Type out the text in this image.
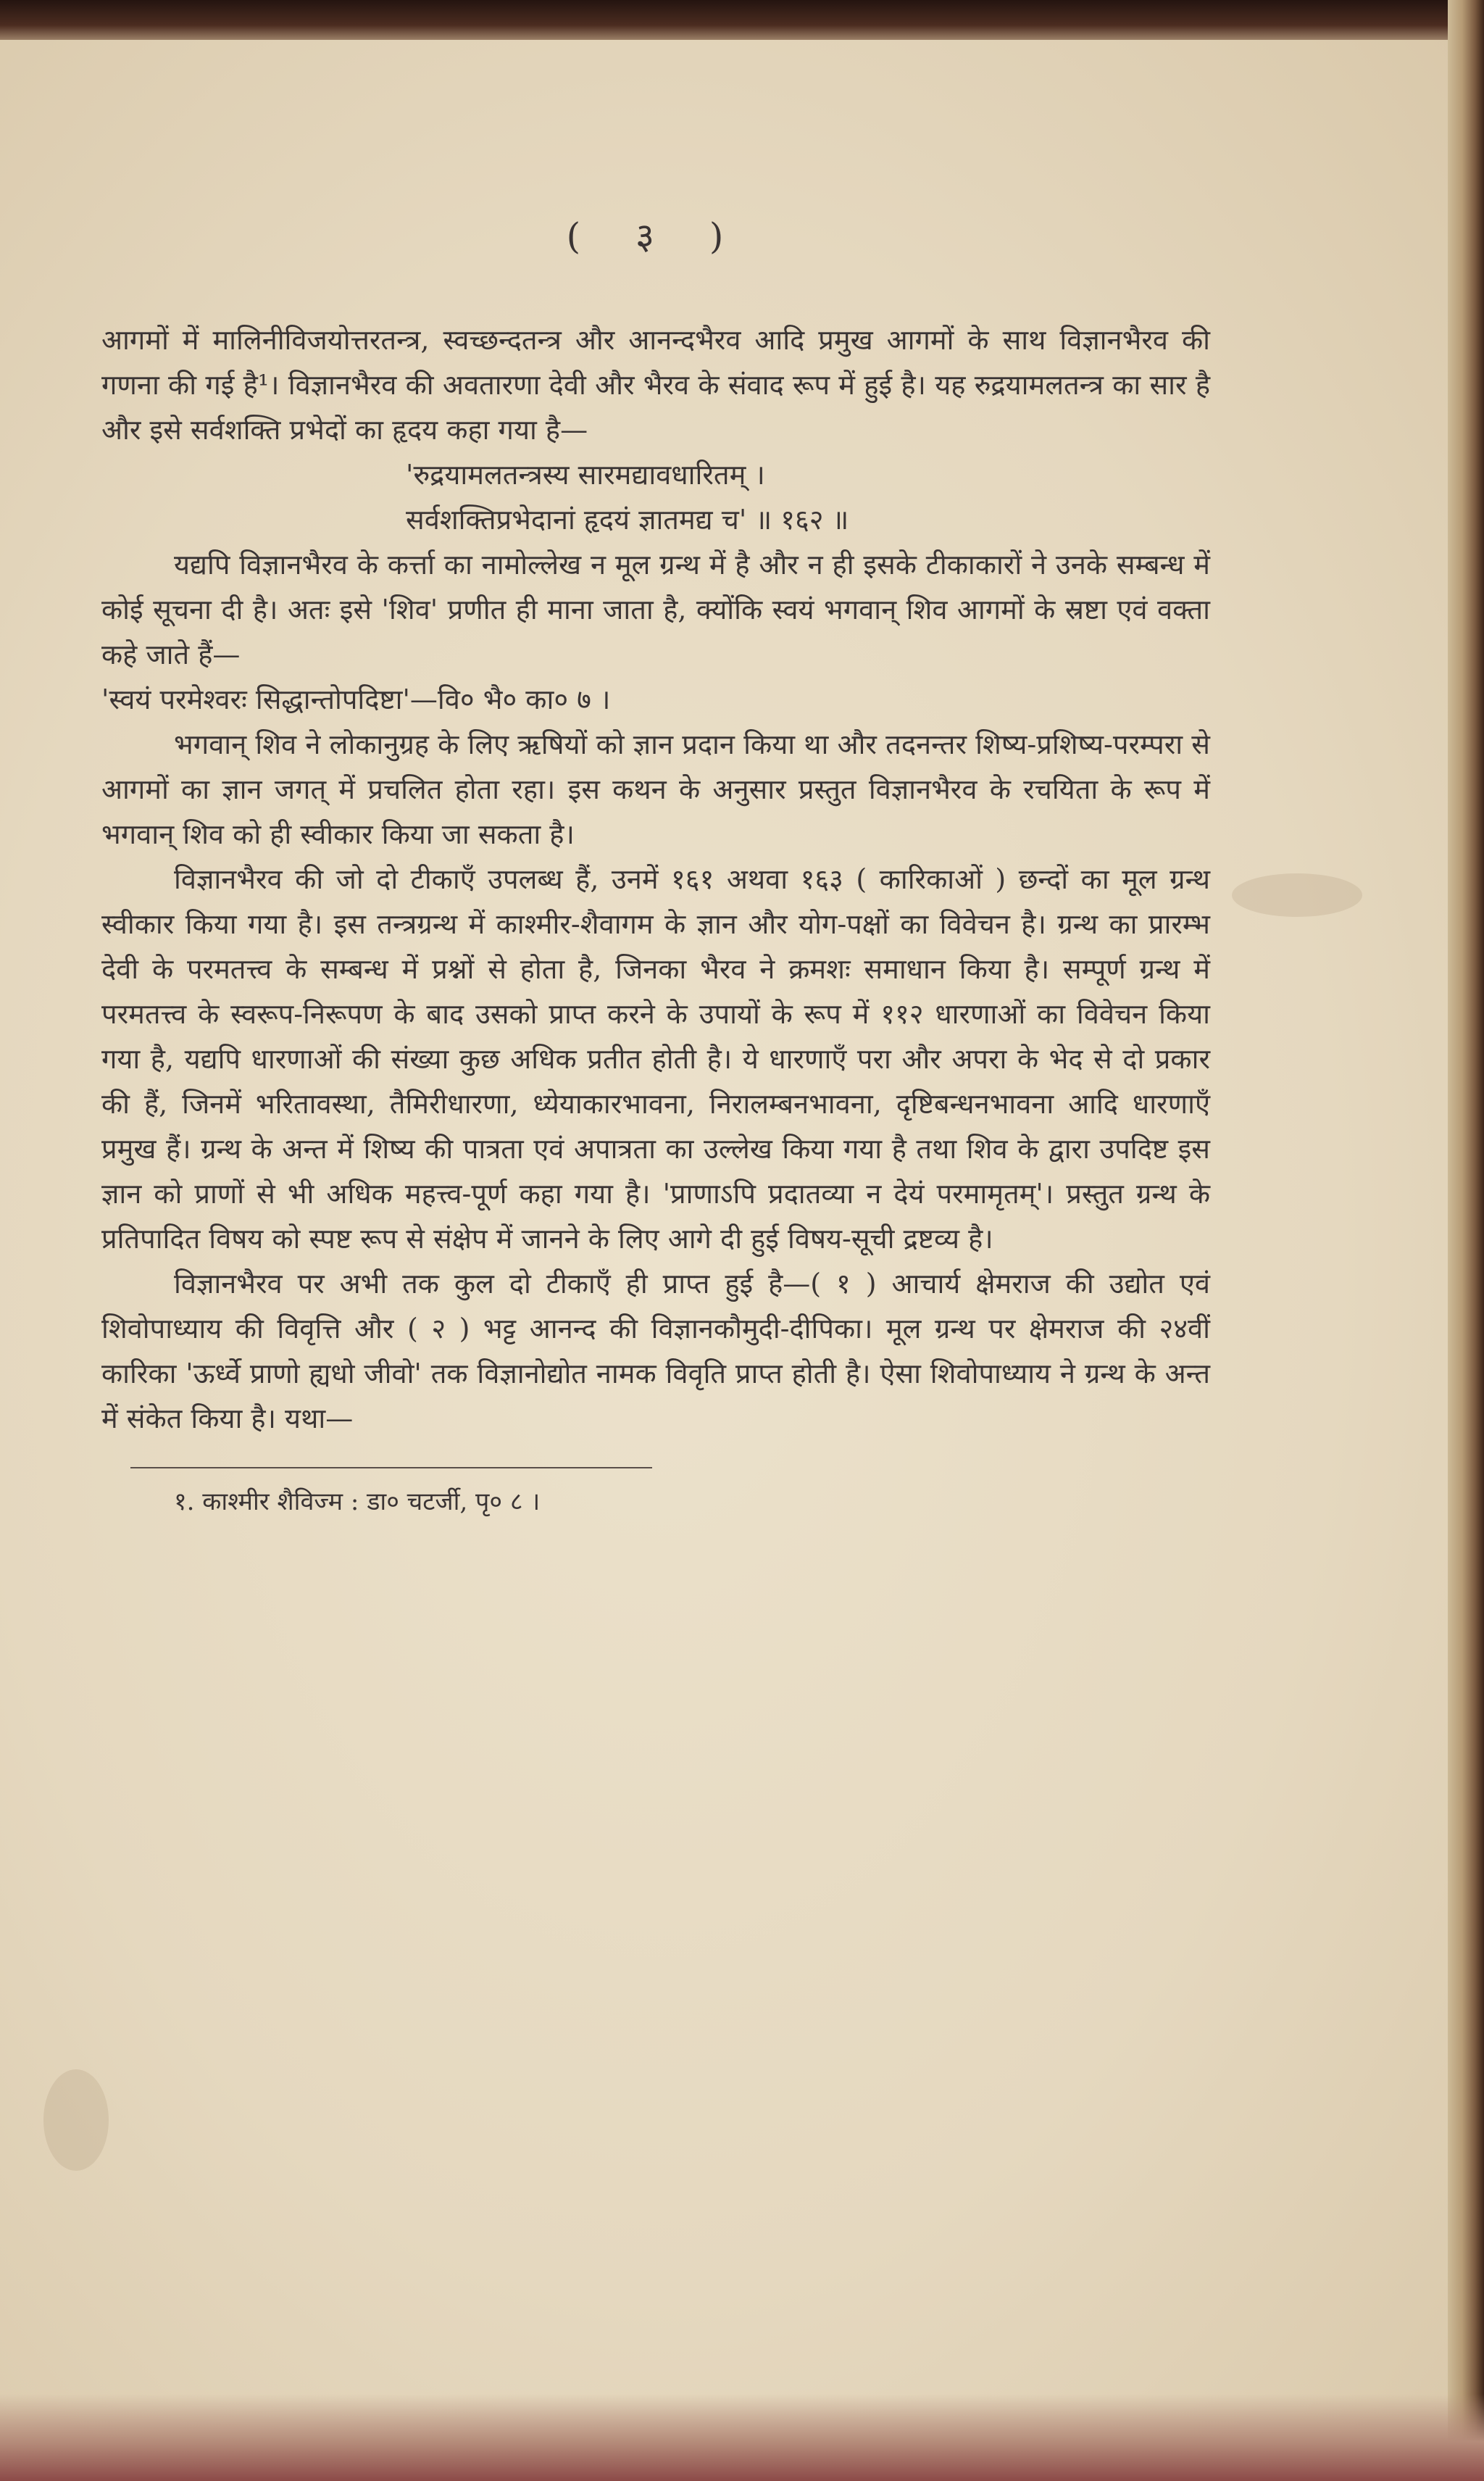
( ३ )

आगमों में मालिनीविजयोत्तरतन्त्र, स्वच्छन्दतन्त्र और आनन्दभैरव आदि प्रमुख आगमों के साथ विज्ञानभैरव की गणना की गई है¹। विज्ञानभैरव की अवतारणा देवी और भैरव के संवाद रूप में हुई है। यह रुद्रयामलतन्त्र का सार है और इसे सर्वशक्ति प्रभेदों का हृदय कहा गया है—

'रुद्रयामलतन्त्रस्य सारमद्यावधारितम् ।

सर्वशक्तिप्रभेदानां हृदयं ज्ञातमद्य च' ॥ १६२ ॥

यद्यपि विज्ञानभैरव के कर्त्ता का नामोल्लेख न मूल ग्रन्थ में है और न ही इसके टीकाकारों ने उनके सम्बन्ध में कोई सूचना दी है। अतः इसे 'शिव' प्रणीत ही माना जाता है, क्योंकि स्वयं भगवान् शिव आगमों के स्रष्टा एवं वक्ता कहे जाते हैं—

'स्वयं परमेश्वरः सिद्धान्तोपदिष्टा'—वि० भै० का० ७ ।

भगवान् शिव ने लोकानुग्रह के लिए ऋषियों को ज्ञान प्रदान किया था और तदनन्तर शिष्य-प्रशिष्य-परम्परा से आगमों का ज्ञान जगत् में प्रचलित होता रहा। इस कथन के अनुसार प्रस्तुत विज्ञानभैरव के रचयिता के रूप में भगवान् शिव को ही स्वीकार किया जा सकता है।

विज्ञानभैरव की जो दो टीकाएँ उपलब्ध हैं, उनमें १६१ अथवा १६३ ( कारिकाओं ) छन्दों का मूल ग्रन्थ स्वीकार किया गया है। इस तन्त्रग्रन्थ में काश्मीर-शैवागम के ज्ञान और योग-पक्षों का विवेचन है। ग्रन्थ का प्रारम्भ देवी के परमतत्त्व के सम्बन्ध में प्रश्नों से होता है, जिनका भैरव ने क्रमशः समाधान किया है। सम्पूर्ण ग्रन्थ में परमतत्त्व के स्वरूप-निरूपण के बाद उसको प्राप्त करने के उपायों के रूप में ११२ धारणाओं का विवेचन किया गया है, यद्यपि धारणाओं की संख्या कुछ अधिक प्रतीत होती है। ये धारणाएँ परा और अपरा के भेद से दो प्रकार की हैं, जिनमें भरितावस्था, तैमिरीधारणा, ध्येयाकारभावना, निरालम्बनभावना, दृष्टिबन्धनभावना आदि धारणाएँ प्रमुख हैं। ग्रन्थ के अन्त में शिष्य की पात्रता एवं अपात्रता का उल्लेख किया गया है तथा शिव के द्वारा उपदिष्ट इस ज्ञान को प्राणों से भी अधिक महत्त्व-पूर्ण कहा गया है। 'प्राणाऽपि प्रदातव्या न देयं परमामृतम्'। प्रस्तुत ग्रन्थ के प्रतिपादित विषय को स्पष्ट रूप से संक्षेप में जानने के लिए आगे दी हुई विषय-सूची द्रष्टव्य है।

विज्ञानभैरव पर अभी तक कुल दो टीकाएँ ही प्राप्त हुई है—( १ ) आचार्य क्षेमराज की उद्योत एवं शिवोपाध्याय की विवृत्ति और ( २ ) भट्ट आनन्द की विज्ञानकौमुदी-दीपिका। मूल ग्रन्थ पर क्षेमराज की २४वीं कारिका 'ऊर्ध्वे प्राणो ह्यधो जीवो' तक विज्ञानोद्योत नामक विवृति प्राप्त होती है। ऐसा शिवोपाध्याय ने ग्रन्थ के अन्त में संकेत किया है। यथा—

१. काश्मीर शैविज्म : डा० चटर्जी, पृ० ८ ।
